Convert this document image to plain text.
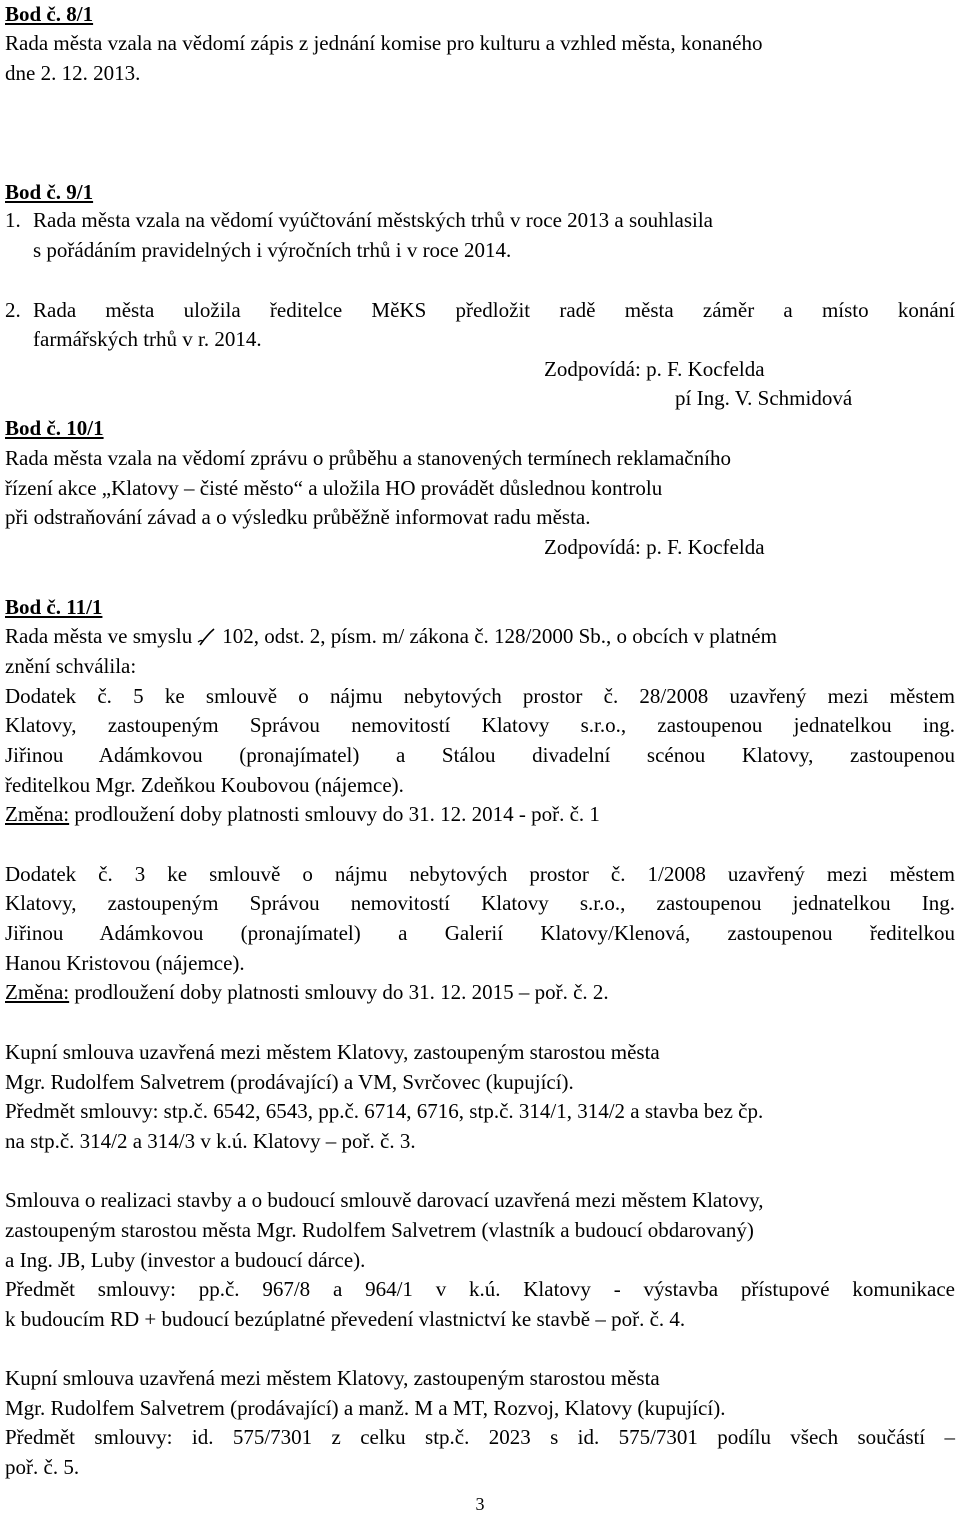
Bod č. 8/1
Rada města vzala na vědomí zápis z jednání komise pro kulturu a vzhled města, konaného
dne 2. 12. 2013.
Bod č. 9/1
1. Rada města vzala na vědomí vyúčtování městských trhů v roce 2013 a souhlasila
s pořádáním pravidelných i výročních trhů i v roce 2014.
2. Rada města uložila ředitelce MěKS předložit radě města záměr a místo konání
farmářských trhů v r. 2014.
Zodpovídá: p. F. Kocfelda
pí Ing. V. Schmidová
Bod č. 10/1
Rada města vzala na vědomí zprávu o průběhu a stanovených termínech reklamačního
řízení akce „Klatovy – čisté město“ a uložila HO provádět důslednou kontrolu
při odstraňování závad a o výsledku průběžně informovat radu města.
Zodpovídá: p. F. Kocfelda
Bod č. 11/1
Rada města ve smyslu 102, odst. 2, písm. m/ zákona č. 128/2000 Sb., o obcích v platném
znění schválila:
Dodatek č. 5 ke smlouvě o nájmu nebytových prostor č. 28/2008 uzavřený mezi městem
Klatovy, zastoupeným Správou nemovitostí Klatovy s.r.o., zastoupenou jednatelkou ing.
Jiřinou Adámkovou (pronajímatel) a Stálou divadelní scénou Klatovy, zastoupenou
ředitelkou Mgr. Zdeňkou Koubovou (nájemce).
Změna: prodloužení doby platnosti smlouvy do 31. 12. 2014 - poř. č. 1
Dodatek č. 3 ke smlouvě o nájmu nebytových prostor č. 1/2008 uzavřený mezi městem
Klatovy, zastoupeným Správou nemovitostí Klatovy s.r.o., zastoupenou jednatelkou Ing.
Jiřinou Adámkovou (pronajímatel) a Galerií Klatovy/Klenová, zastoupenou ředitelkou
Hanou Kristovou (nájemce).
Změna: prodloužení doby platnosti smlouvy do 31. 12. 2015 – poř. č. 2.
Kupní smlouva uzavřená mezi městem Klatovy, zastoupeným starostou města
Mgr. Rudolfem Salvetrem (prodávající) a VM, Svrčovec (kupující).
Předmět smlouvy: stp.č. 6542, 6543, pp.č. 6714, 6716, stp.č. 314/1, 314/2 a stavba bez čp.
na stp.č. 314/2 a 314/3 v k.ú. Klatovy – poř. č. 3.
Smlouva o realizaci stavby a o budoucí smlouvě darovací uzavřená mezi městem Klatovy,
zastoupeným starostou města Mgr. Rudolfem Salvetrem (vlastník a budoucí obdarovaný)
a Ing. JB, Luby (investor a budoucí dárce).
Předmět smlouvy: pp.č. 967/8 a 964/1 v k.ú. Klatovy - výstavba přístupové komunikace
k budoucím RD + budoucí bezúplatné převedení vlastnictví ke stavbě – poř. č. 4.
Kupní smlouva uzavřená mezi městem Klatovy, zastoupeným starostou města
Mgr. Rudolfem Salvetrem (prodávající) a manž. M a MT, Rozvoj, Klatovy (kupující).
Předmět smlouvy: id. 575/7301 z celku stp.č. 2023 s id. 575/7301 podílu všech součástí –
poř. č. 5.
3
